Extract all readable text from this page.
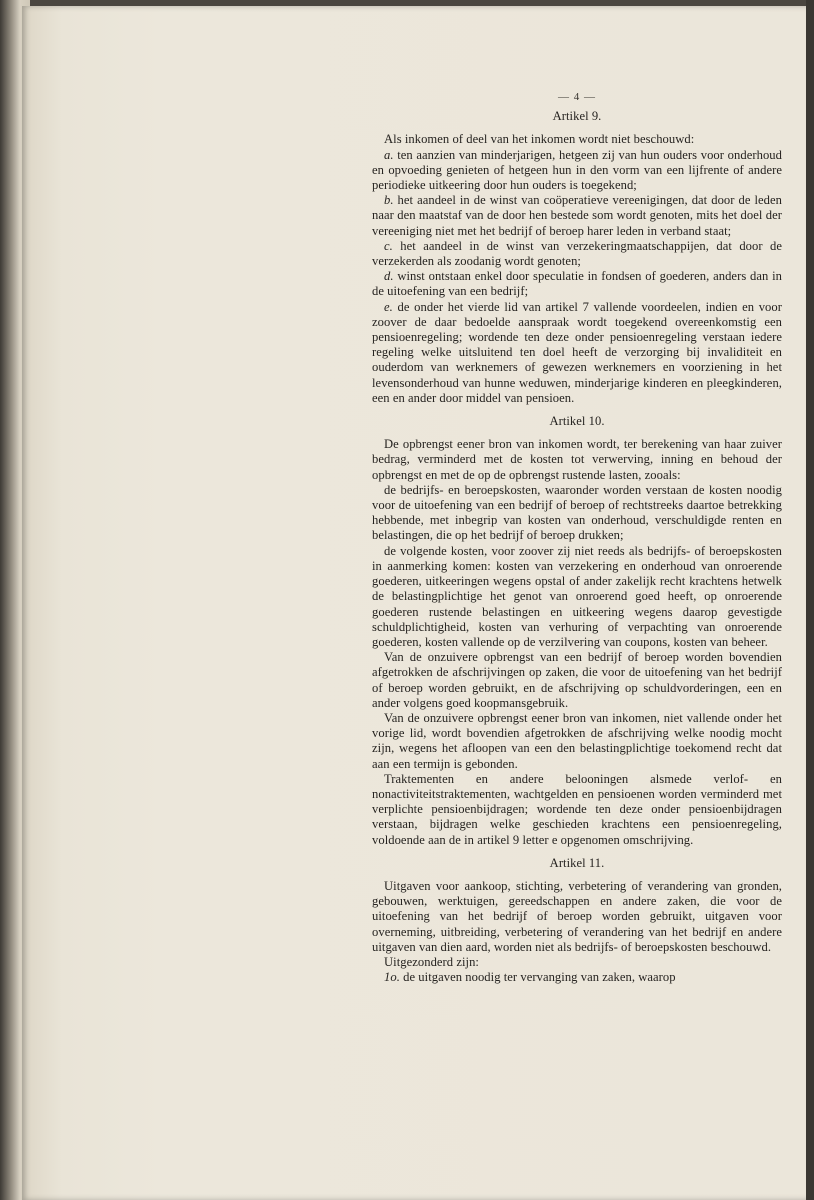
— 4 —
Artikel 9.

Als inkomen of deel van het inkomen wordt niet beschouwd:

a. ten aanzien van minderjarigen, hetgeen zij van hun ouders voor onderhoud en opvoeding genieten of hetgeen hun in den vorm van een lijfrente of andere periodieke uitkeering door hun ouders is toegekend;

b. het aandeel in de winst van coöperatieve vereenigingen, dat door de leden naar den maatstaf van de door hen bestede som wordt genoten, mits het doel der vereeniging niet met het bedrijf of beroep harer leden in verband staat;

c. het aandeel in de winst van verzekeringmaatschappijen, dat door de verzekerden als zoodanig wordt genoten;

d. winst ontstaan enkel door speculatie in fondsen of goederen, anders dan in de uitoefening van een bedrijf;

e. de onder het vierde lid van artikel 7 vallende voordeelen, indien en voor zoover de daar bedoelde aanspraak wordt toegekend overeenkomstig een pensioenregeling; wordende ten deze onder pensioenregeling verstaan iedere regeling welke uitsluitend ten doel heeft de verzorging bij invaliditeit en ouderdom van werknemers of gewezen werknemers en voorziening in het levensonderhoud van hunne weduwen, minderjarige kinderen en pleegkinderen, een en ander door middel van pensioen.

Artikel 10.

De opbrengst eener bron van inkomen wordt, ter berekening van haar zuiver bedrag, verminderd met de kosten tot verwerving, inning en behoud der opbrengst en met de op de opbrengst rustende lasten, zooals:

de bedrijfs- en beroepskosten, waaronder worden verstaan de kosten noodig voor de uitoefening van een bedrijf of beroep of rechtstreeks daartoe betrekking hebbende, met inbegrip van kosten van onderhoud, verschuldigde renten en belastingen, die op het bedrijf of beroep drukken;

de volgende kosten, voor zoover zij niet reeds als bedrijfs- of beroepskosten in aanmerking komen: kosten van verzekering en onderhoud van onroerende goederen, uitkeeringen wegens opstal of ander zakelijk recht krachtens hetwelk de belastingplichtige het genot van onroerend goed heeft, op onroerende goederen rustende belastingen en uitkeering wegens daarop gevestigde schuldplichtigheid, kosten van verhuring of verpachting van onroerende goederen, kosten vallende op de verzilvering van coupons, kosten van beheer.

Van de onzuivere opbrengst van een bedrijf of beroep worden bovendien afgetrokken de afschrijvingen op zaken, die voor de uitoefening van het bedrijf of beroep worden gebruikt, en de afschrijving op schuldvorderingen, een en ander volgens goed koopmansgebruik.

Van de onzuivere opbrengst eener bron van inkomen, niet vallende onder het vorige lid, wordt bovendien afgetrokken de afschrijving welke noodig mocht zijn, wegens het afloopen van een den belastingplichtige toekomend recht dat aan een termijn is gebonden.

Traktementen en andere belooningen alsmede verlof- en nonactiviteitstraktementen, wachtgelden en pensioenen worden verminderd met verplichte pensioenbijdragen; wordende ten deze onder pensioenbijdragen verstaan, bijdragen welke geschieden krachtens een pensioenregeling, voldoende aan de in artikel 9 letter e opgenomen omschrijving.

Artikel 11.

Uitgaven voor aankoop, stichting, verbetering of verandering van gronden, gebouwen, werktuigen, gereedschappen en andere zaken, die voor de uitoefening van het bedrijf of beroep worden gebruikt, uitgaven voor overneming, uitbreiding, verbetering of verandering van het bedrijf en andere uitgaven van dien aard, worden niet als bedrijfs- of beroepskosten beschouwd.

Uitgezonderd zijn:

1o. de uitgaven noodig ter vervanging van zaken, waarop
